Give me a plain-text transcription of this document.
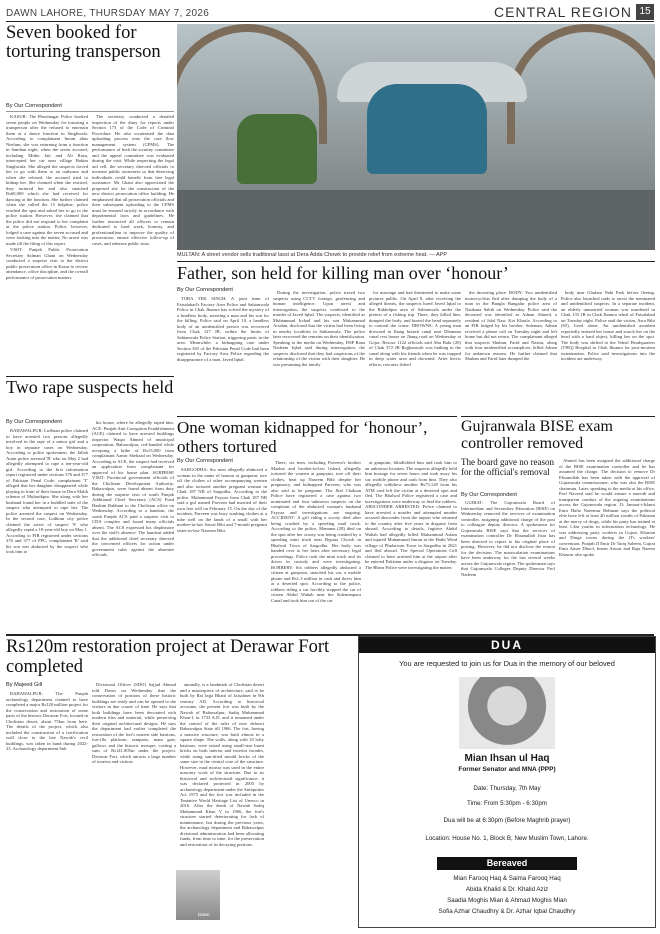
DAWN LAHORE, THURSDAY MAY 7, 2026	CENTRAL REGION 15
Seven booked for torturing transperson
By Our Correspondent

KASUR: The Phoolnagar Police booked seven people on Wednesday for torturing a transperson after the refused to entertain them at a dance function in Singhwala. According to complainant Imran alias Neelum, she was returning from a function in Sandian night, when the seven accused, including Mithu Jatt and Ali Raza, intercepted her car near village Hakim Singhwala. She alleged the suspects forced her to go with them to an outhouse and when she refused, the accused tried to kidnap her. She claimed when she resisted, they tortured her and also snatched Rs60,000 which she had received for dancing at the function. She further claimed when she called the 15 helpline, police reached the spot and asked her to go to the police station. However, she claimed that the police did not respond to her complaint at the police station. Police, however, lodged a case against the seven accused and were looking into the matter. No arrest was made till the filing of this report.

VISIT: Punjab Public Prosecution Secretary Salman Ghani on Wednesday conducted a surprise visit to the district public prosecution office in Kasur to review attendance, office discipline, and the overall performance of prosecution matters.

The secretary conducted a detailed inspection of the diary for reports under Section 173 of the Code of Criminal Procedure. He also scrutinised the data uploading process onto the case flow management system (CFMS). The performance of both the scrutiny committee and the appeal committee was evaluated during the visit. While inspecting the legal aid cell, the secretary directed officials to increase public awareness so that deserving individuals could benefit from free legal assistance. Mr Ghani also appreciated the proposed site for the construction of the new district prosecution office building. He emphasised that all prosecution officials and their subsequent uploading to the CFMS must be ensured strictly in accordance with departmental laws and guidelines. He further instructed all officers to remain dedicated to hard work, honesty, and professionalism to improve the quality of prosecution, ensure effective follow-up of cases, and enhance public trust.

MULTAN: A street vendor sells traditional lassi at Dera Adda Chowk to provide relief from extreme heat. — APP
Father, son held for killing man over ‘honour’
By Our Correspondent

TOBA TEK SINGH: A joint team of Faisalabad's Factory Area Police and Sahianwala Police in Chak Jhumra has solved the mystery of a headless body, arresting a man and his son for the killing. Police said on April 10, a headless body of an unidentified person was recovered from Chak 127 JB, within the limits of Sahianwala Police Station, triggering panic in the area. Meanwhile, a kidnapping case under Section 365 of the Pakistan Penal Code had been registered by Factory Area Police regarding the disappearance of a man, Javed Iqbal.

During the investigation, police traced two suspects using CCTV footage, geofencing and human intelligence. Upon arrest and interrogation, the suspects confessed to the murder of Javed Iqbal. The suspects, identified as Muhammad Irshad and his son Muhammad Arsalan, disclosed that the victim had been living in nearby localities in Sahianwala. The police later recovered the remains on their identification. Speaking to the media on Wednesday, DSP Rana Nadeem Iqbal said during interrogation, the suspects disclosed that they had suspicions of the relationship of the victim with their daughter. He was presuming the family

for marriage and had threatened to make some pictures public. On April 8, after receiving the alleged threats, the suspects lured Javed Iqbal to the Rakhdipur area of Sahianwala under the pretext of a fishing trip. There, they killed him, dumped the body, and buried the head separately to conceal the crime. DROWNS: A young man drowned in Jhang branch canal near Dhamma canal rest house on Jhang road on Wednesday at Gojra. Rescue 1122 officials said Abu Bakr (20) of Chak 372 JB Rajjkanwali was bathing in the canal along with his friends when he was trapped in deep water area and drowned. After hectic efforts, rescuers fished

the drowning place. BODY: Two unidentified motorcyclists fled after dumping the body of a man in the Bangla Bangalur police area of Naukana Sahib on Wednesday. Police said the deceased was identified as Adnan Ahmed, a resident of Jalal Naw. Kot Khasla. According to an FIR lodged by his brother, Suleman, Adnan received a phone call on Tuesday night and left home but did not return. The complainant alleged that suspects Shuban, Farid and Nasim, along with four unidentified accomplices, killed Adnan for unknown reasons. He further claimed that Shuban and Farid later dumped the

body near Ghulam Nabi Park before fleeing. Police also launched raids to arrest the nominated and unidentified suspects. In a separate incident, an elderly unmarried woman was murdered in Chak 135 JB in Chak Jhumra tehsil of Faisalabad on Tuesday night. Police said the victim, Asra Bibi (65), lived alone. An unidentified assailant reportedly entered her house and struck her on the head with a hard object, killing her on the spot. The body was shifted to the Tehsil Headquarters (THQ) Hospital in Chak Jhumra for post-mortem examination. Police said investigations into the incident are underway.

Two rape suspects held
By Our Correspondent

BAHAWALPUR: Lodhran police claimed to have arrested two persons allegedly involved in the rape of a minor girl and a boy in separate cases on Wednesday. According to police spokesmen, the Jallah Arain police arrested 'R' who on May 2 had allegedly attempted to rape a ten-year-old girl. According to the first information report registered under sections 376 and 377 of Pakistan Penal Code, complainant 'T' alleged that her daughter disappeared while playing in front of their house in Dera Malik scheme of Mubarikpur. She along with her husband found her in a huddled state of the suspect who attempted to rape her. The police arrested the suspect on Wednesday. In the second case, Lodhran city police claimed the arrest of suspect 'S' who allegedly raped a 10-year-old boy on May 1. According to FIR registered under sections 376 and 377 of PPC, complainant 'R' said his son was abducted by the suspect who took him to

his house, where he allegedly raped him. ACE: Punjab Anti Corruption Establishment (ACE) claimed to have arrested buildings inspector Waqar Ahmed of municipal corporation, Bahawalpur, red-handed while accepting a bribe of Rs15,000 from complainant Aamir Shehzad on Wednesday. According to ACE, the suspect had received an application from complainant for approval of his house plan. SURPRISE VISIT: Provincial government officials of the Cholistan Development Authority, Bahawalpur, were found absent from duty during the surprise visit of south Punjab Additional Chief Secretary (ACS) Fuad Hashim Rabbani to the Cholistan office on Wednesday. According to a handout, the south Punjab ACS paid a surprise visit to CDA complex and found many officials absent. The ACS expressed his displeasure over the staff's absence. The handout added that the additional chief secretary directed the concerned officers for action under government rules against the absentee officials.

One woman kidnapped for ‘honour’, others tortured
By Our Correspondent

SARGODHA: Six men allegedly abducted a woman in the name of honour at gunpoint, tore off the clothes of other accompanying women and also tortured another pregnant woman in Chak 187 NB of Sargodha. According to the police, Muhammad Fayyaz from Chak 187 NB said a girl named Parveen had married of their own free will on February 15. On the day of the incident, Parveen was busy washing clothes at a tube well on the lands of a small with her mother-in-law Sawai Bibi and 7-month pregnant sister-in-law Naseem Bibi.

There, six men, including Parveen's brother Mazhar and brother-in-law Irshad, allegedly tortured the women at gunpoint, tore off their clothes, beat up Naseem Bibi despite her pregnancy, and kidnapped Parveen, who was also said to be pregnant. The Jhal Chakian Police have registered a case against two nominated and four unknown suspects on the complaint of the abducted woman's husband Fayyaz and investigations are ongoing. ACCIDENT: A girl riding a scooty died after being crushed by a speeding mail truck. According to the police, Memuna (28) died on the spot after her scooty was being crushed by a speeding mini truck near Bypass Chowk in Bhalwal Town of Sargodha. Her body was handed over to her heirs after necessary legal proceedings. Police took the mini truck and its driver in custody and were investigating. ROBBERY: Six robbers allegedly abducted a citizen at gunpoint, snatched his car, a mobile phone and Rs1.3 million in cash and threw him at a deserted spot. According to the police, robbers riding a car forcibly stopped the car of citizen Abdul Wahab near the Sulemanpura Canal and took him out of the car

at gunpoint, blindfolded him and took him to an unknown location. The suspects allegedly held him hostage for seven hours and took away his car, mobile phone and cash from him. They also allegedly withdrew another Rs75,128 from his ATM card left the victim at a deserted spot and fled. The Bhalwal Police registered a case and investigations were underway to find the robbers. ABSCONDER ARRESTED: Police claimed to have arrested a murder and attempted murder accused absconder from the airport who returned to the country after five years in disguise from abroad. According to details, fugitive Abdul Wahab had allegedly killed Muhammad Aslam and injured Muhammad Imran in the Hathi Wind village of Phularwan Town in Sargodha in 2021 and fled abroad. The Special Operations Cell claimed to have arrested him at the airport after he entered Pakistan under a disguise on Tuesday. The Bhera Police were investigating the matter.

Gujranwala BISE exam controller removed
The board gave no reason for the official's removal
By Our Correspondent

GUJRAT: The Gujranwala Board of Intermediate and Secondary Education (BISE) on Wednesday removed the services of examination controller, assigning additional charge of the post to colleague deputy director. A spokesman for Gujranwala BISE says that the services of examination controller Dr Ehsanullah Jisra has been directed to report to his original place of posting. However, he did not disclose the reason for the decision. The matriculation examinations have been underway for the last several weeks across the Gujranwala region. The spokesman says that Gujranwala Colleges Deputy Director Prof Nadeem

Ahmed has been assigned the additional charge of the BISE examination controller and he has assumed the charge. The decision to remove Dr Ehsanullah has been taken with the approval of Gujranwala commissioner, who was also the BISE chairman. Later, speaking to the media at his office, Prof Naveed said he would ensure a smooth and transparent conduct of the ongoing examinations across the Gujranwala region. JI: Jamaat-i-Islami Emir Hafiz Naeemur Rehman says the political elite have left at least 40 million youths of Pakistan at the mercy of drugs, while his party has trained at least 1.4m youths in information technology. He was addressing party workers in Gujrat, Kharian and Dinga towns during the JI's workers' convention. Punjab JI Emir Dr Tariq Saleem, Gujrat Emir Anser Dhool, Imran Anwar and Raja Naeem Khawar also spoke.

Rs120m restoration project at Derawar Fort completed
By Majeed Gill

BAHAWALPUR: The Punjab archaeology department claimed to have completed a major Rs120 million project for the conservation and restoration of some parts of the historic Derawar Fort, located in Cholistan desert, about 75km from here. The details of the project, which also included the construction of a fortification wall close to the late Nawab's civil buildings, was taken in hand during 2022-23. Archaeology department Sub

Divisional Officer (SDO) Sajjad Ahmad told Dawn on Wednesday that the conservation of portions of these historic buildings are ready and can be opened to the visitors in due course of time. He says that both buildings have been decorated with modern tiles and material, while preserving their original architectural designs. He says the department had earlier completed the restoration of the fort's eastern side bastions, fort-illo platform, ramparts, main gate, gallows and the historic mosque, costing a sum of Rs141.805m under the project. Derawar Fort, which attracts a large number of tourists and visitors

annually, is a landmark of Cholistan desert and a masterpiece of architecture, said to be built by Rai Jajja Bhatti of Jaisalmer in 9th century AD. According to historical accounts, the present fort was built by the Nawab of Bahawalpur, Sadiq Muhammad Khan-I, in 1733 A.D, and it remained under the control of the ruler of now defunct Bahawalpur State till 1966. The fort, having a massive structure, was built almost in a square shape. The walls, along with 10 lofty bastions, were raised using small-size burnt bricks on both interior and exterior facades, while using sun-dried mould bricks of the same size in the central core of the structure. However, mud mortar was used in the entire masonry work of the structure. Due to its historical and architectural significance, it was declared protected in 2005 by archaeology department under the Antiquities Act 1975 and the fort was included in the Tentative World Heritage List of Unesco in 2016. After the death of Nawab Sadiq Muhammad Khan V in 1966, the fort's structure started deteriorating for lack of maintenance, but during the previous years, the archaeology department and Bahawalpur divisional administration had been allocating funds, from time to time, for the preservation and restoration of its decaying portions.

Dawn
DUA
You are requested to join us for Dua in the memory of our beloved
Mian Ihsan ul Haq
Former Senator and MNA (PPP)
Date: Thursday, 7th May
Time: From 5:30pm - 6:30pm
Dua will be at 6:30pm (Before Maghrib prayer)
Location: House No. 1, Block B, New Muslim Town, Lahore.
Bereaved
Mian Farooq Haq & Saima Farooq Haq
Abida Khalid & Dr. Khalid Aziz
Saadia Moghis Mian & Ahmad Moghis Mian
Sofia Azhar Chaudhry & Dr. Azhar Iqbal Chaudhry
